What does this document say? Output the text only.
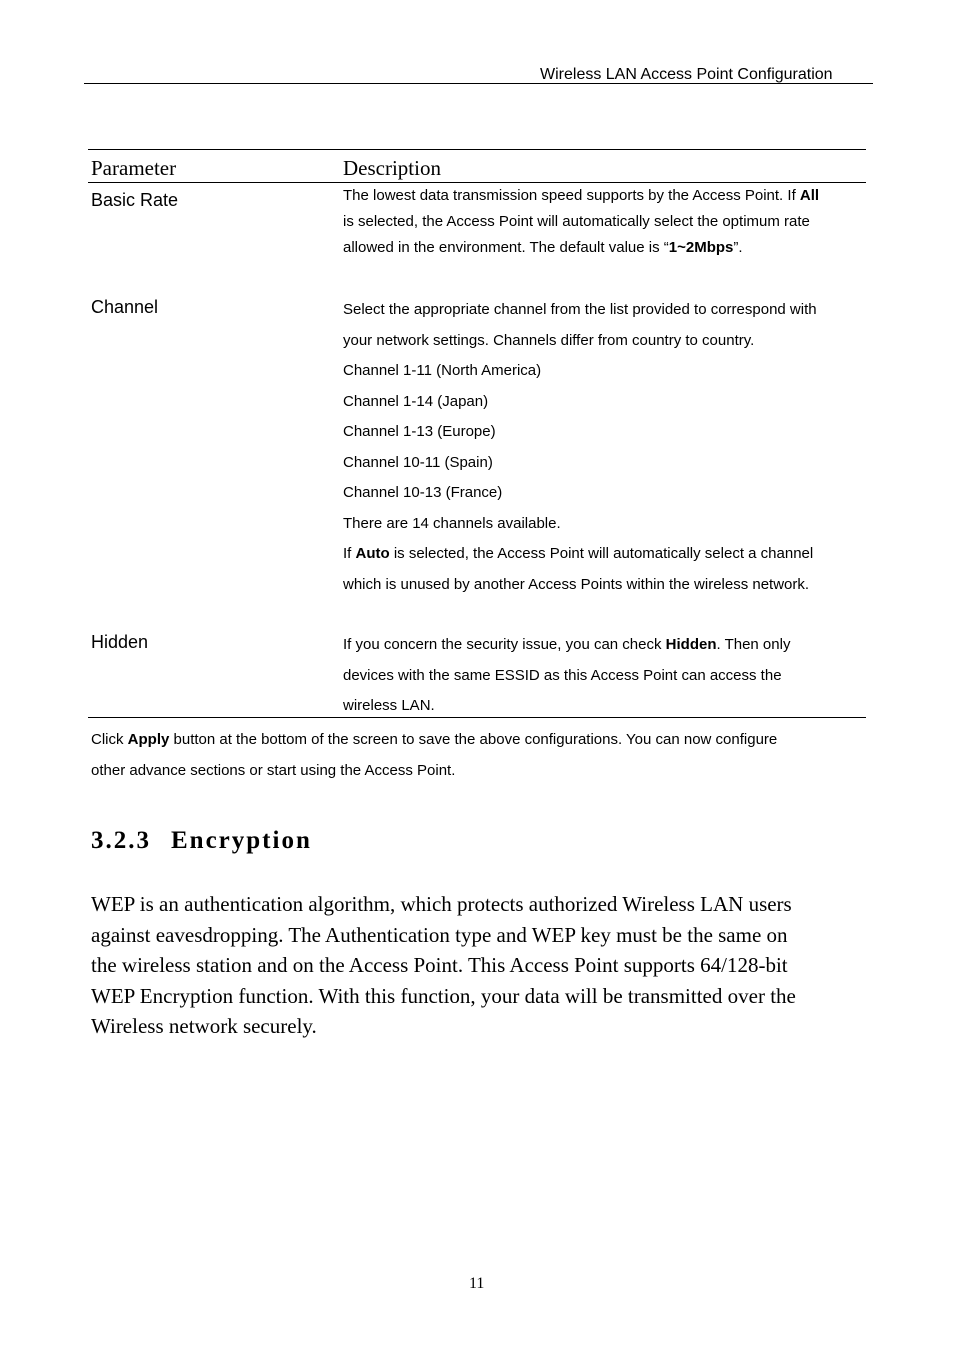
Wireless LAN Access Point Configuration
Parameter	Description
Basic Rate	The lowest data transmission speed supports by the Access Point. If All

is selected, the Access Point will automatically select the optimum rate

allowed in the environment. The default value is “1~2Mbps”.

Channel	Select the appropriate channel from the list provided to correspond with

your network settings. Channels differ from country to country.

Channel 1-11 (North America)

Channel 1-14 (Japan)

Channel 1-13 (Europe)

Channel 10-11 (Spain)

Channel 10-13 (France)

There are 14 channels available.

If Auto is selected, the Access Point will automatically select a channel

which is unused by another Access Points within the wireless network.

Hidden	If you concern the security issue, you can check Hidden. Then only

devices with the same ESSID as this Access Point can access the

wireless LAN.

Click Apply button at the bottom of the screen to save the above configurations. You can now configure

other advance sections or start using the Access Point.

3.2.3 Encryption

WEP is an authentication algorithm, which protects authorized Wireless LAN users

against eavesdropping. The Authentication type and WEP key must be the same on

the wireless station and on the Access Point. This Access Point supports 64/128-bit

WEP Encryption function. With this function, your data will be transmitted over the

Wireless network securely.

11
